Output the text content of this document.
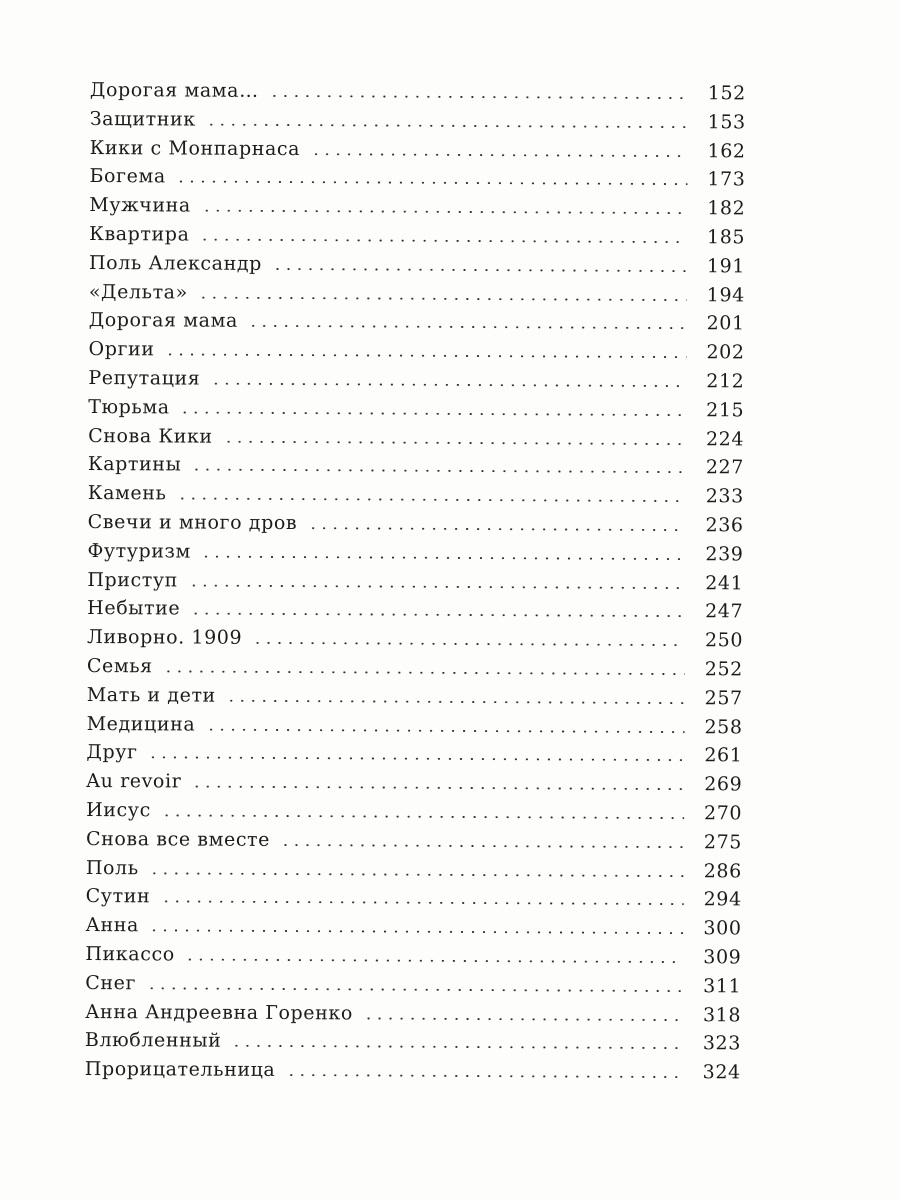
Дорогая мама…	152
Защитник	153
Кики с Монпарнаса	162
Богема	173
Мужчина	182
Квартира	185
Поль Александр	191
«Дельта»	194
Дорогая мама	201
Оргии	202
Репутация	212
Тюрьма	215
Снова Кики	224
Картины	227
Камень	233
Свечи и много дров	236
Футуризм	239
Приступ	241
Небытие	247
Ливорно. 1909	250
Семья	252
Мать и дети	257
Медицина	258
Друг	261
Au revoir	269
Иисус	270
Снова все вместе	275
Поль	286
Сутин	294
Анна	300
Пикассо	309
Снег	311
Анна Андреевна Горенко	318
Влюбленный	323
Прорицательница	324
